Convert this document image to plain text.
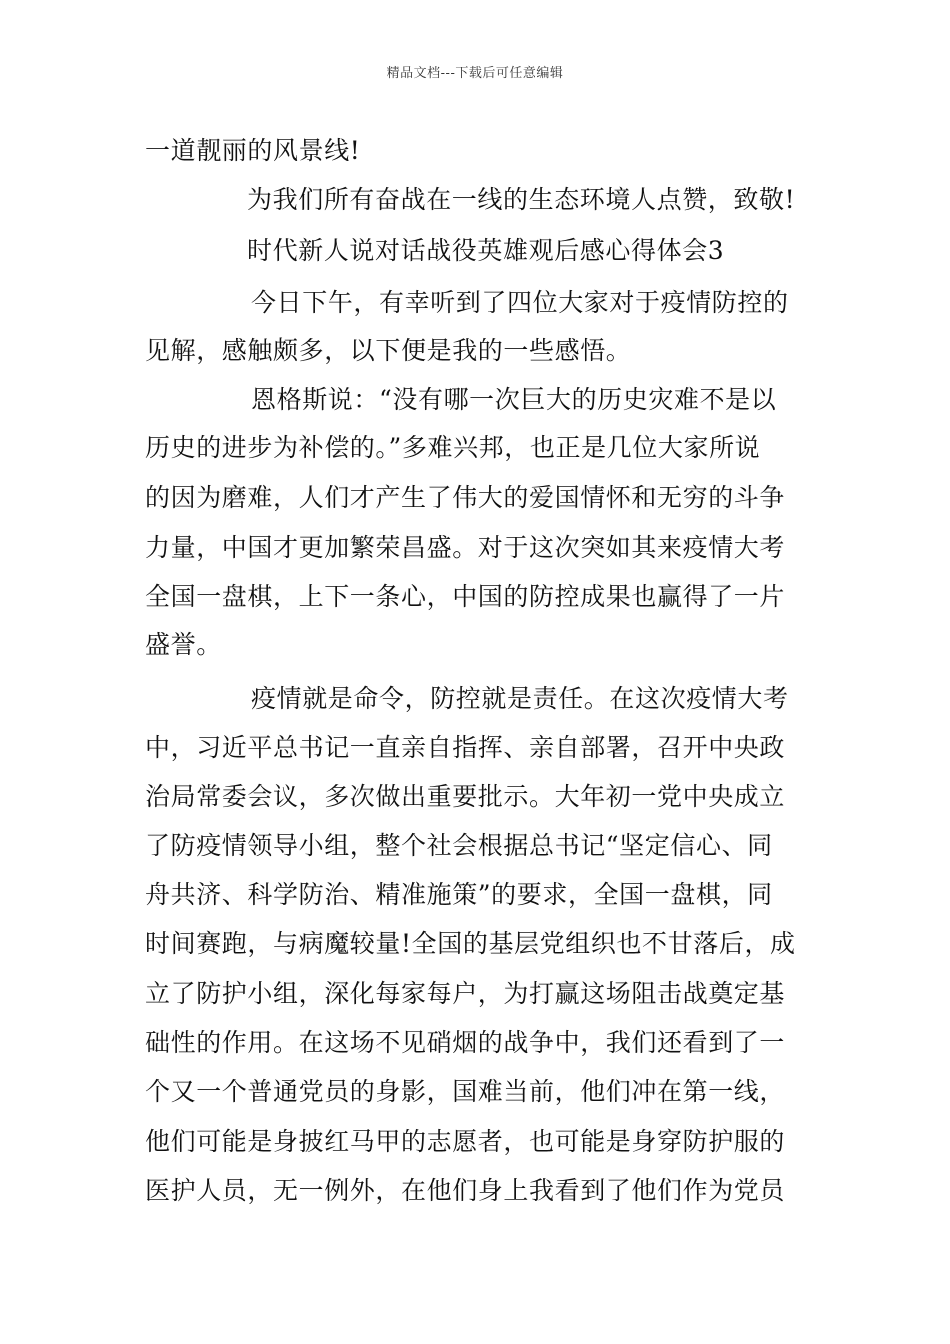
精品文档---下载后可任意编辑
一道靓丽的风景线!
为我们所有奋战在一线的生态环境人点赞，致敬!
时代新人说对话战役英雄观后感心得体会3
今日下午，有幸听到了四位大家对于疫情防控的
见解，感触颇多，以下便是我的一些感悟。
恩格斯说：“没有哪一次巨大的历史灾难不是以
历史的进步为补偿的。”多难兴邦，也正是几位大家所说
的因为磨难，人们才产生了伟大的爱国情怀和无穷的斗争
力量，中国才更加繁荣昌盛。对于这次突如其来疫情大考
全国一盘棋，上下一条心，中国的防控成果也赢得了一片
盛誉。
疫情就是命令，防控就是责任。在这次疫情大考
中，习近平总书记一直亲自指挥、亲自部署，召开中央政
治局常委会议，多次做出重要批示。大年初一党中央成立
了防疫情领导小组，整个社会根据总书记“坚定信心、同
舟共济、科学防治、精准施策”的要求，全国一盘棋，同
时间赛跑，与病魔较量!全国的基层党组织也不甘落后，成
立了防护小组，深化每家每户，为打赢这场阻击战奠定基
础性的作用。在这场不见硝烟的战争中，我们还看到了一
个又一个普通党员的身影，国难当前，他们冲在第一线，
他们可能是身披红马甲的志愿者，也可能是身穿防护服的
医护人员，无一例外，在他们身上我看到了他们作为党员
